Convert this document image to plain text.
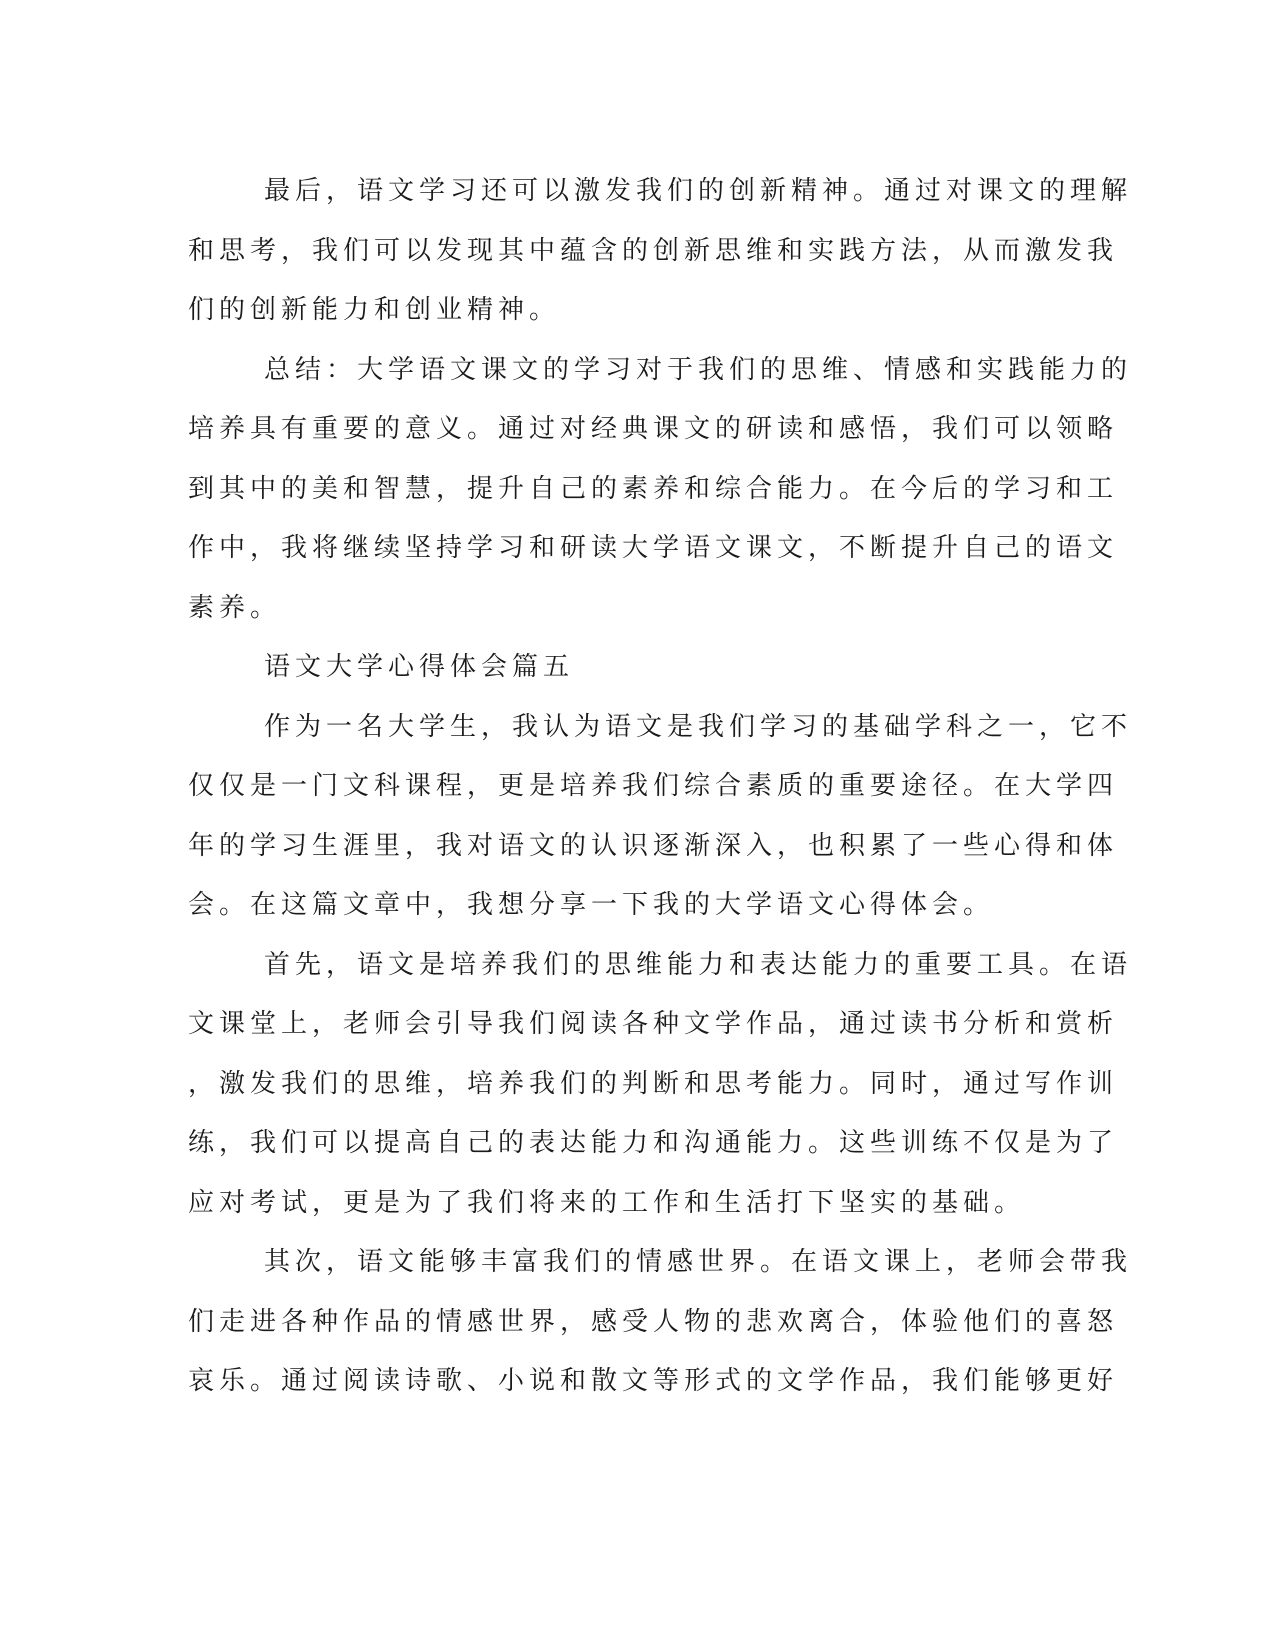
最后，语文学习还可以激发我们的创新精神。通过对课文的理解
和思考，我们可以发现其中蕴含的创新思维和实践方法，从而激发我
们的创新能力和创业精神。
总结：大学语文课文的学习对于我们的思维、情感和实践能力的
培养具有重要的意义。通过对经典课文的研读和感悟，我们可以领略
到其中的美和智慧，提升自己的素养和综合能力。在今后的学习和工
作中，我将继续坚持学习和研读大学语文课文，不断提升自己的语文
素养。
语文大学心得体会篇五
作为一名大学生，我认为语文是我们学习的基础学科之一，它不
仅仅是一门文科课程，更是培养我们综合素质的重要途径。在大学四
年的学习生涯里，我对语文的认识逐渐深入，也积累了一些心得和体
会。在这篇文章中，我想分享一下我的大学语文心得体会。
首先，语文是培养我们的思维能力和表达能力的重要工具。在语
文课堂上，老师会引导我们阅读各种文学作品，通过读书分析和赏析
，激发我们的思维，培养我们的判断和思考能力。同时，通过写作训
练，我们可以提高自己的表达能力和沟通能力。这些训练不仅是为了
应对考试，更是为了我们将来的工作和生活打下坚实的基础。
其次，语文能够丰富我们的情感世界。在语文课上，老师会带我
们走进各种作品的情感世界，感受人物的悲欢离合，体验他们的喜怒
哀乐。通过阅读诗歌、小说和散文等形式的文学作品，我们能够更好
